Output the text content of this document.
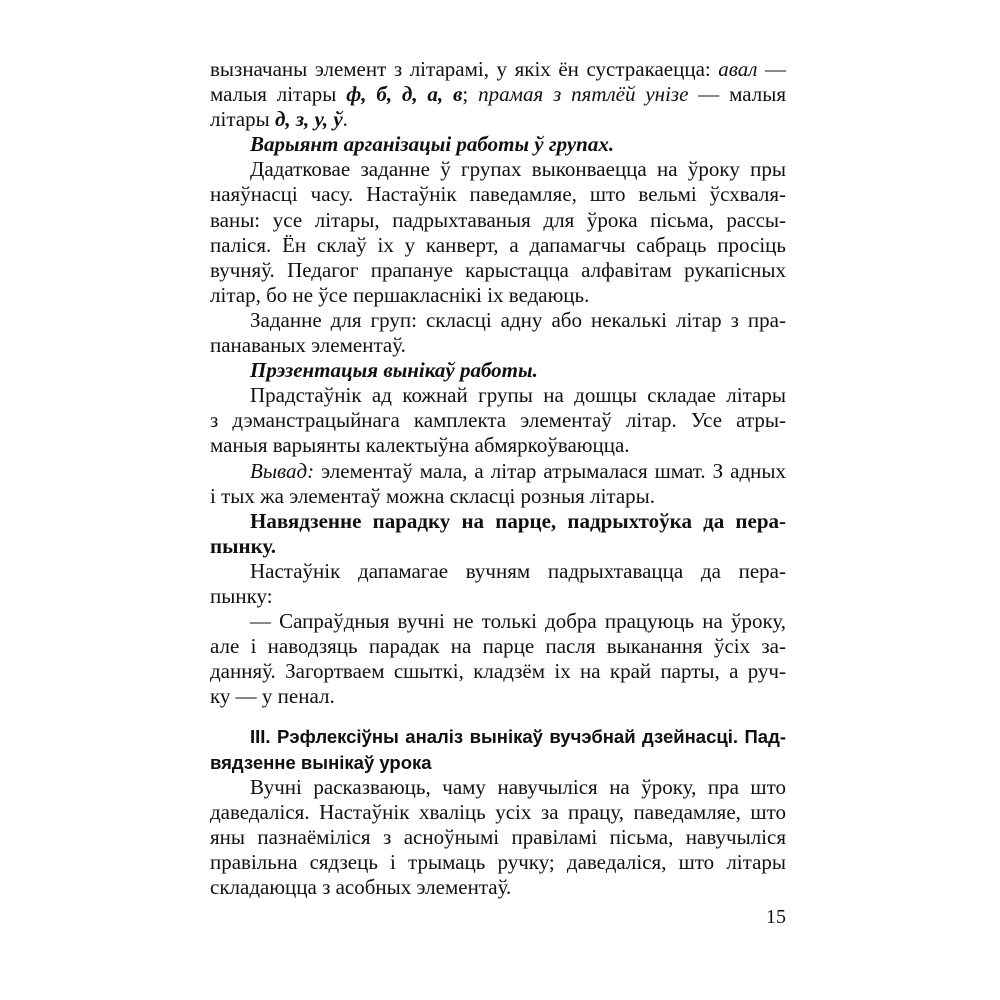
вызначаны элемент з літарамі, у якіх ён сустракаецца: авал —
малыя літары ф, б, д, а, в; прамая з пятлёй унізе — малыя
літары д, з, у, ў.
Варыянт арганізацыі работы ў групах.
Дадатковае заданне ў групах выконваецца на ўроку пры
наяўнасці часу. Настаўнік паведамляе, што вельмі ўсхваля-
ваны: усе літары, падрыхтаваныя для ўрока пісьма, рассы-
паліся. Ён склаў іх у канверт, а дапамагчы сабраць просіць
вучняў. Педагог прапануе карыстацца алфавітам рукапісных
літар, бо не ўсе першакласнікі іх ведаюць.
Заданне для груп: скласці адну або некалькі літар з пра-
панаваных элементаў.
Прэзентацыя вынікаў работы.
Прадстаўнік ад кожнай групы на дошцы складае літары
з дэманстрацыйнага камплекта элементаў літар. Усе атры-
маныя варыянты калектыўна абмяркоўваюцца.
Вывад: элементаў мала, а літар атрымалася шмат. З адных
і тых жа элементаў можна скласці розныя літары.
Навядзенне парадку на парце, падрыхтоўка да пера-
пынку.
Настаўнік дапамагае вучням падрыхтавацца да пера-
пынку:
— Сапраўдныя вучні не толькі добра працуюць на ўроку,
але і наводзяць парадак на парце пасля выканання ўсіх за-
данняў. Загортваем сшыткі, кладзём іх на край парты, а руч-
ку — у пенал.
III. Рэфлексіўны аналіз вынікаў вучэбнай дзейнасці. Пад-
вядзенне вынікаў урока
Вучні расказваюць, чаму навучыліся на ўроку, пра што
даведаліся. Настаўнік хваліць усіх за працу, паведамляе, што
яны пазнаёміліся з асноўнымі правіламі пісьма, навучыліся
правільна сядзець і трымаць ручку; даведаліся, што літары
складаюцца з асобных элементаў.
15
